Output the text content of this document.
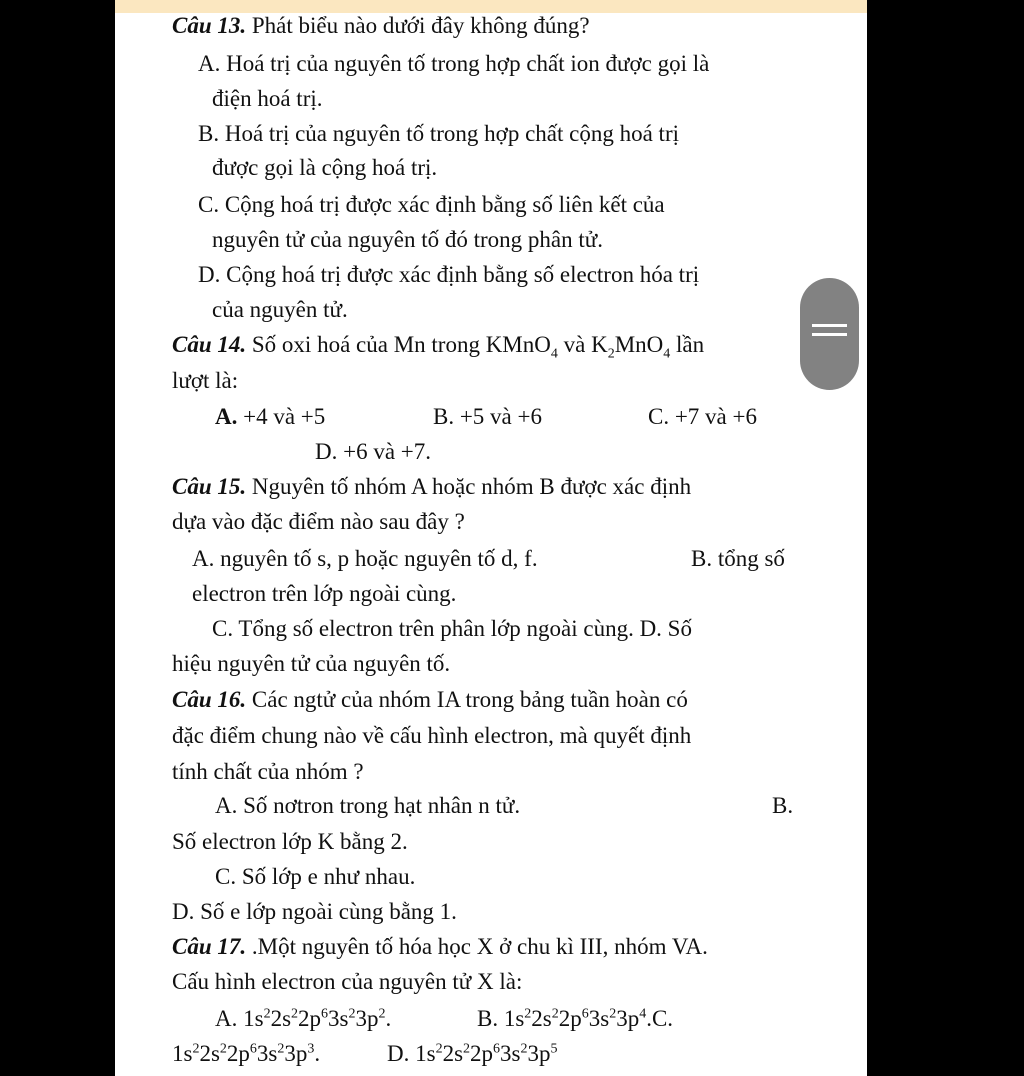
Câu 13. Phát biểu nào dưới đây không đúng?
A. Hoá trị của nguyên tố trong hợp chất ion được gọi là
điện hoá trị.
B. Hoá trị của nguyên tố trong hợp chất cộng hoá trị
được gọi là cộng hoá trị.
C. Cộng hoá trị được xác định bằng số liên kết của
nguyên tử của nguyên tố đó trong phân tử.
D. Cộng hoá trị được xác định bằng số electron hóa trị
của nguyên tử.
Câu 14. Số oxi hoá của Mn trong KMnO$_4$ và $K_2MnO_4$ lần
lượt là:
A. +4 và +5	B. +5 và +6	C. +7 và +6
D. +6 và +7.
Câu 15. Nguyên tố nhóm A hoặc nhóm B được xác định
dựa vào đặc điểm nào sau đây ?
A. nguyên tố s, p hoặc nguyên tố d, f.	B. tổng số
electron trên lớp ngoài cùng.
C. Tổng số electron trên phân lớp ngoài cùng. D. Số
hiệu nguyên tử của nguyên tố.
Câu 16. Các ngtử của nhóm IA trong bảng tuần hoàn có
đặc điểm chung nào về cấu hình electron, mà quyết định
tính chất của nhóm ?
A. Số nơtron trong hạt nhân n tử.	B.
Số electron lớp K bằng 2.
C. Số lớp e như nhau.
D. Số e lớp ngoài cùng bằng 1.
Câu 17. .Một nguyên tố hóa học X ở chu kì III, nhóm VA.
Cấu hình electron của nguyên tử X là:
A. $1s^22s^22p^63s^23p^2$.	B. $1s^22s^22p^63s^23p^4.C$.
$1s^22s^22p^63s^23p^3$.	D. $1s^22s^22p^63s^23p^5$
